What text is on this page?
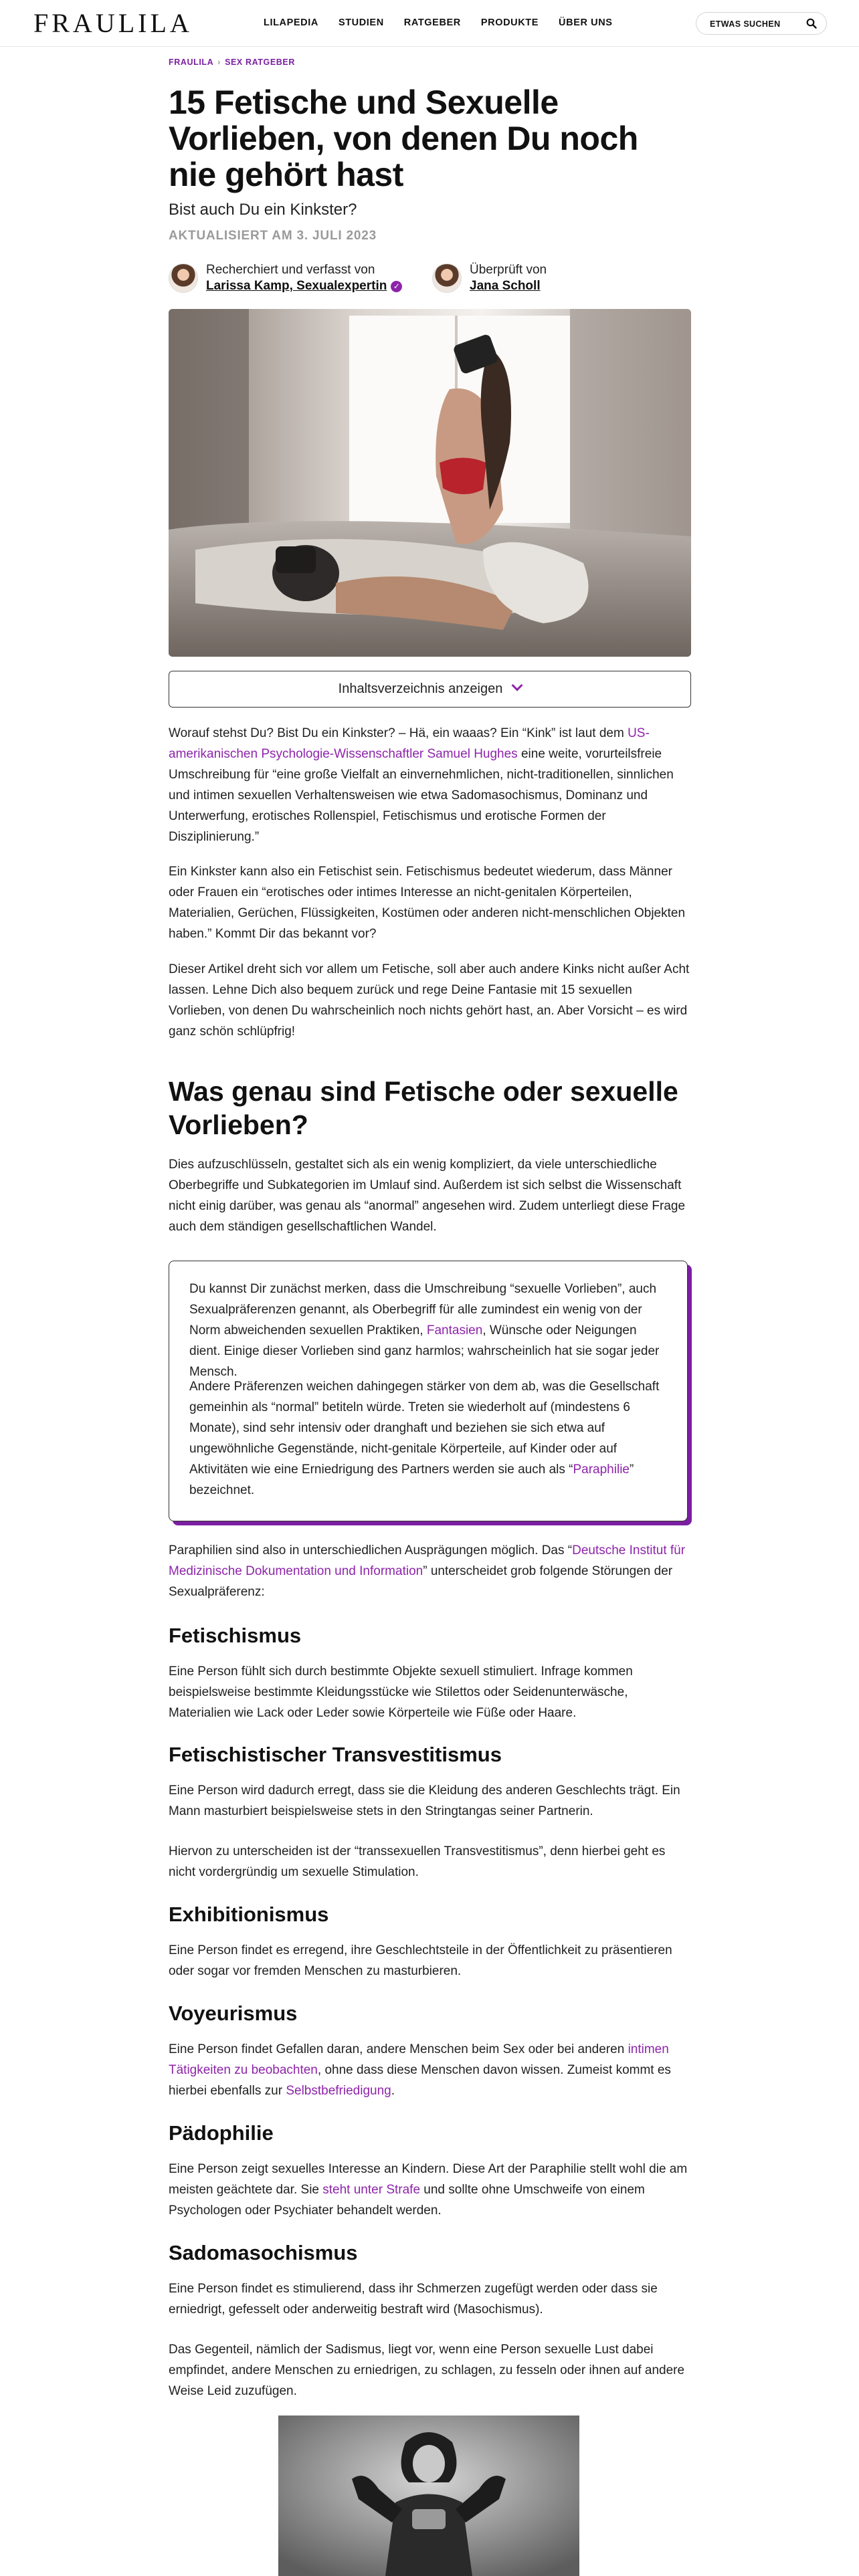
FRAULILA	LILAPEDIA STUDIEN RATGEBER PRODUKTE ÜBER UNS	ETWAS SUCHEN
FRAULILA › SEX RATGEBER
15 Fetische und Sexuelle Vorlieben, von denen Du noch nie gehört hast
Bist auch Du ein Kinkster?
AKTUALISIERT AM 3. JULI 2023
Recherchiert und verfasst von
Larissa Kamp, Sexualexpertin ✓
Überprüft von
Jana Scholl
Inhaltsverzeichnis anzeigen

Worauf stehst Du? Bist Du ein Kinkster? – Hä, ein waaas? Ein “Kink” ist laut dem US-amerikanischen Psychologie-Wissenschaftler Samuel Hughes eine weite, vorurteilsfreie Umschreibung für “eine große Vielfalt an einvernehmlichen, nicht-traditionellen, sinnlichen und intimen sexuellen Verhaltensweisen wie etwa Sadomasochismus, Dominanz und Unterwerfung, erotisches Rollenspiel, Fetischismus und erotische Formen der Disziplinierung.”

Ein Kinkster kann also ein Fetischist sein. Fetischismus bedeutet wiederum, dass Männer oder Frauen ein “erotisches oder intimes Interesse an nicht-genitalen Körperteilen, Materialien, Gerüchen, Flüssigkeiten, Kostümen oder anderen nicht-menschlichen Objekten haben.” Kommt Dir das bekannt vor?

Dieser Artikel dreht sich vor allem um Fetische, soll aber auch andere Kinks nicht außer Acht lassen. Lehne Dich also bequem zurück und rege Deine Fantasie mit 15 sexuellen Vorlieben, von denen Du wahrscheinlich noch nichts gehört hast, an. Aber Vorsicht – es wird ganz schön schlüpfrig!

Was genau sind Fetische oder sexuelle Vorlieben?

Dies aufzuschlüsseln, gestaltet sich als ein wenig kompliziert, da viele unterschiedliche Oberbegriffe und Subkategorien im Umlauf sind. Außerdem ist sich selbst die Wissenschaft nicht einig darüber, was genau als “anormal” angesehen wird. Zudem unterliegt diese Frage auch dem ständigen gesellschaftlichen Wandel.

Du kannst Dir zunächst merken, dass die Umschreibung “sexuelle Vorlieben”, auch Sexualpräferenzen genannt, als Oberbegriff für alle zumindest ein wenig von der Norm abweichenden sexuellen Praktiken, Fantasien, Wünsche oder Neigungen dient. Einige dieser Vorlieben sind ganz harmlos; wahrscheinlich hat sie sogar jeder Mensch.

Andere Präferenzen weichen dahingegen stärker von dem ab, was die Gesellschaft gemeinhin als “normal” betiteln würde. Treten sie wiederholt auf (mindestens 6 Monate), sind sehr intensiv oder dranghaft und beziehen sie sich etwa auf ungewöhnliche Gegenstände, nicht-genitale Körperteile, auf Kinder oder auf Aktivitäten wie eine Erniedrigung des Partners werden sie auch als “Paraphilie” bezeichnet.

Paraphilien sind also in unterschiedlichen Ausprägungen möglich. Das “Deutsche Institut für Medizinische Dokumentation und Information” unterscheidet grob folgende Störungen der Sexualpräferenz:

Fetischismus

Eine Person fühlt sich durch bestimmte Objekte sexuell stimuliert. Infrage kommen beispielsweise bestimmte Kleidungsstücke wie Stilettos oder Seidenunterwäsche, Materialien wie Lack oder Leder sowie Körperteile wie Füße oder Haare.

Fetischistischer Transvestitismus

Eine Person wird dadurch erregt, dass sie die Kleidung des anderen Geschlechts trägt. Ein Mann masturbiert beispielsweise stets in den Stringtangas seiner Partnerin.

Hiervon zu unterscheiden ist der “transsexuellen Transvestitismus”, denn hierbei geht es nicht vordergründig um sexuelle Stimulation.

Exhibitionismus

Eine Person findet es erregend, ihre Geschlechtsteile in der Öffentlichkeit zu präsentieren oder sogar vor fremden Menschen zu masturbieren.

Voyeurismus

Eine Person findet Gefallen daran, andere Menschen beim Sex oder bei anderen intimen Tätigkeiten zu beobachten, ohne dass diese Menschen davon wissen. Zumeist kommt es hierbei ebenfalls zur Selbstbefriedigung.

Pädophilie

Eine Person zeigt sexuelles Interesse an Kindern. Diese Art der Paraphilie stellt wohl die am meisten geächtete dar. Sie steht unter Strafe und sollte ohne Umschweife von einem Psychologen oder Psychiater behandelt werden.

Sadomasochismus

Eine Person findet es stimulierend, dass ihr Schmerzen zugefügt werden oder dass sie erniedrigt, gefesselt oder anderweitig bestraft wird (Masochismus).

Das Gegenteil, nämlich der Sadismus, liegt vor, wenn eine Person sexuelle Lust dabei empfindet, andere Menschen zu erniedrigen, zu schlagen, zu fesseln oder ihnen auf andere Weise Leid zuzufügen.
